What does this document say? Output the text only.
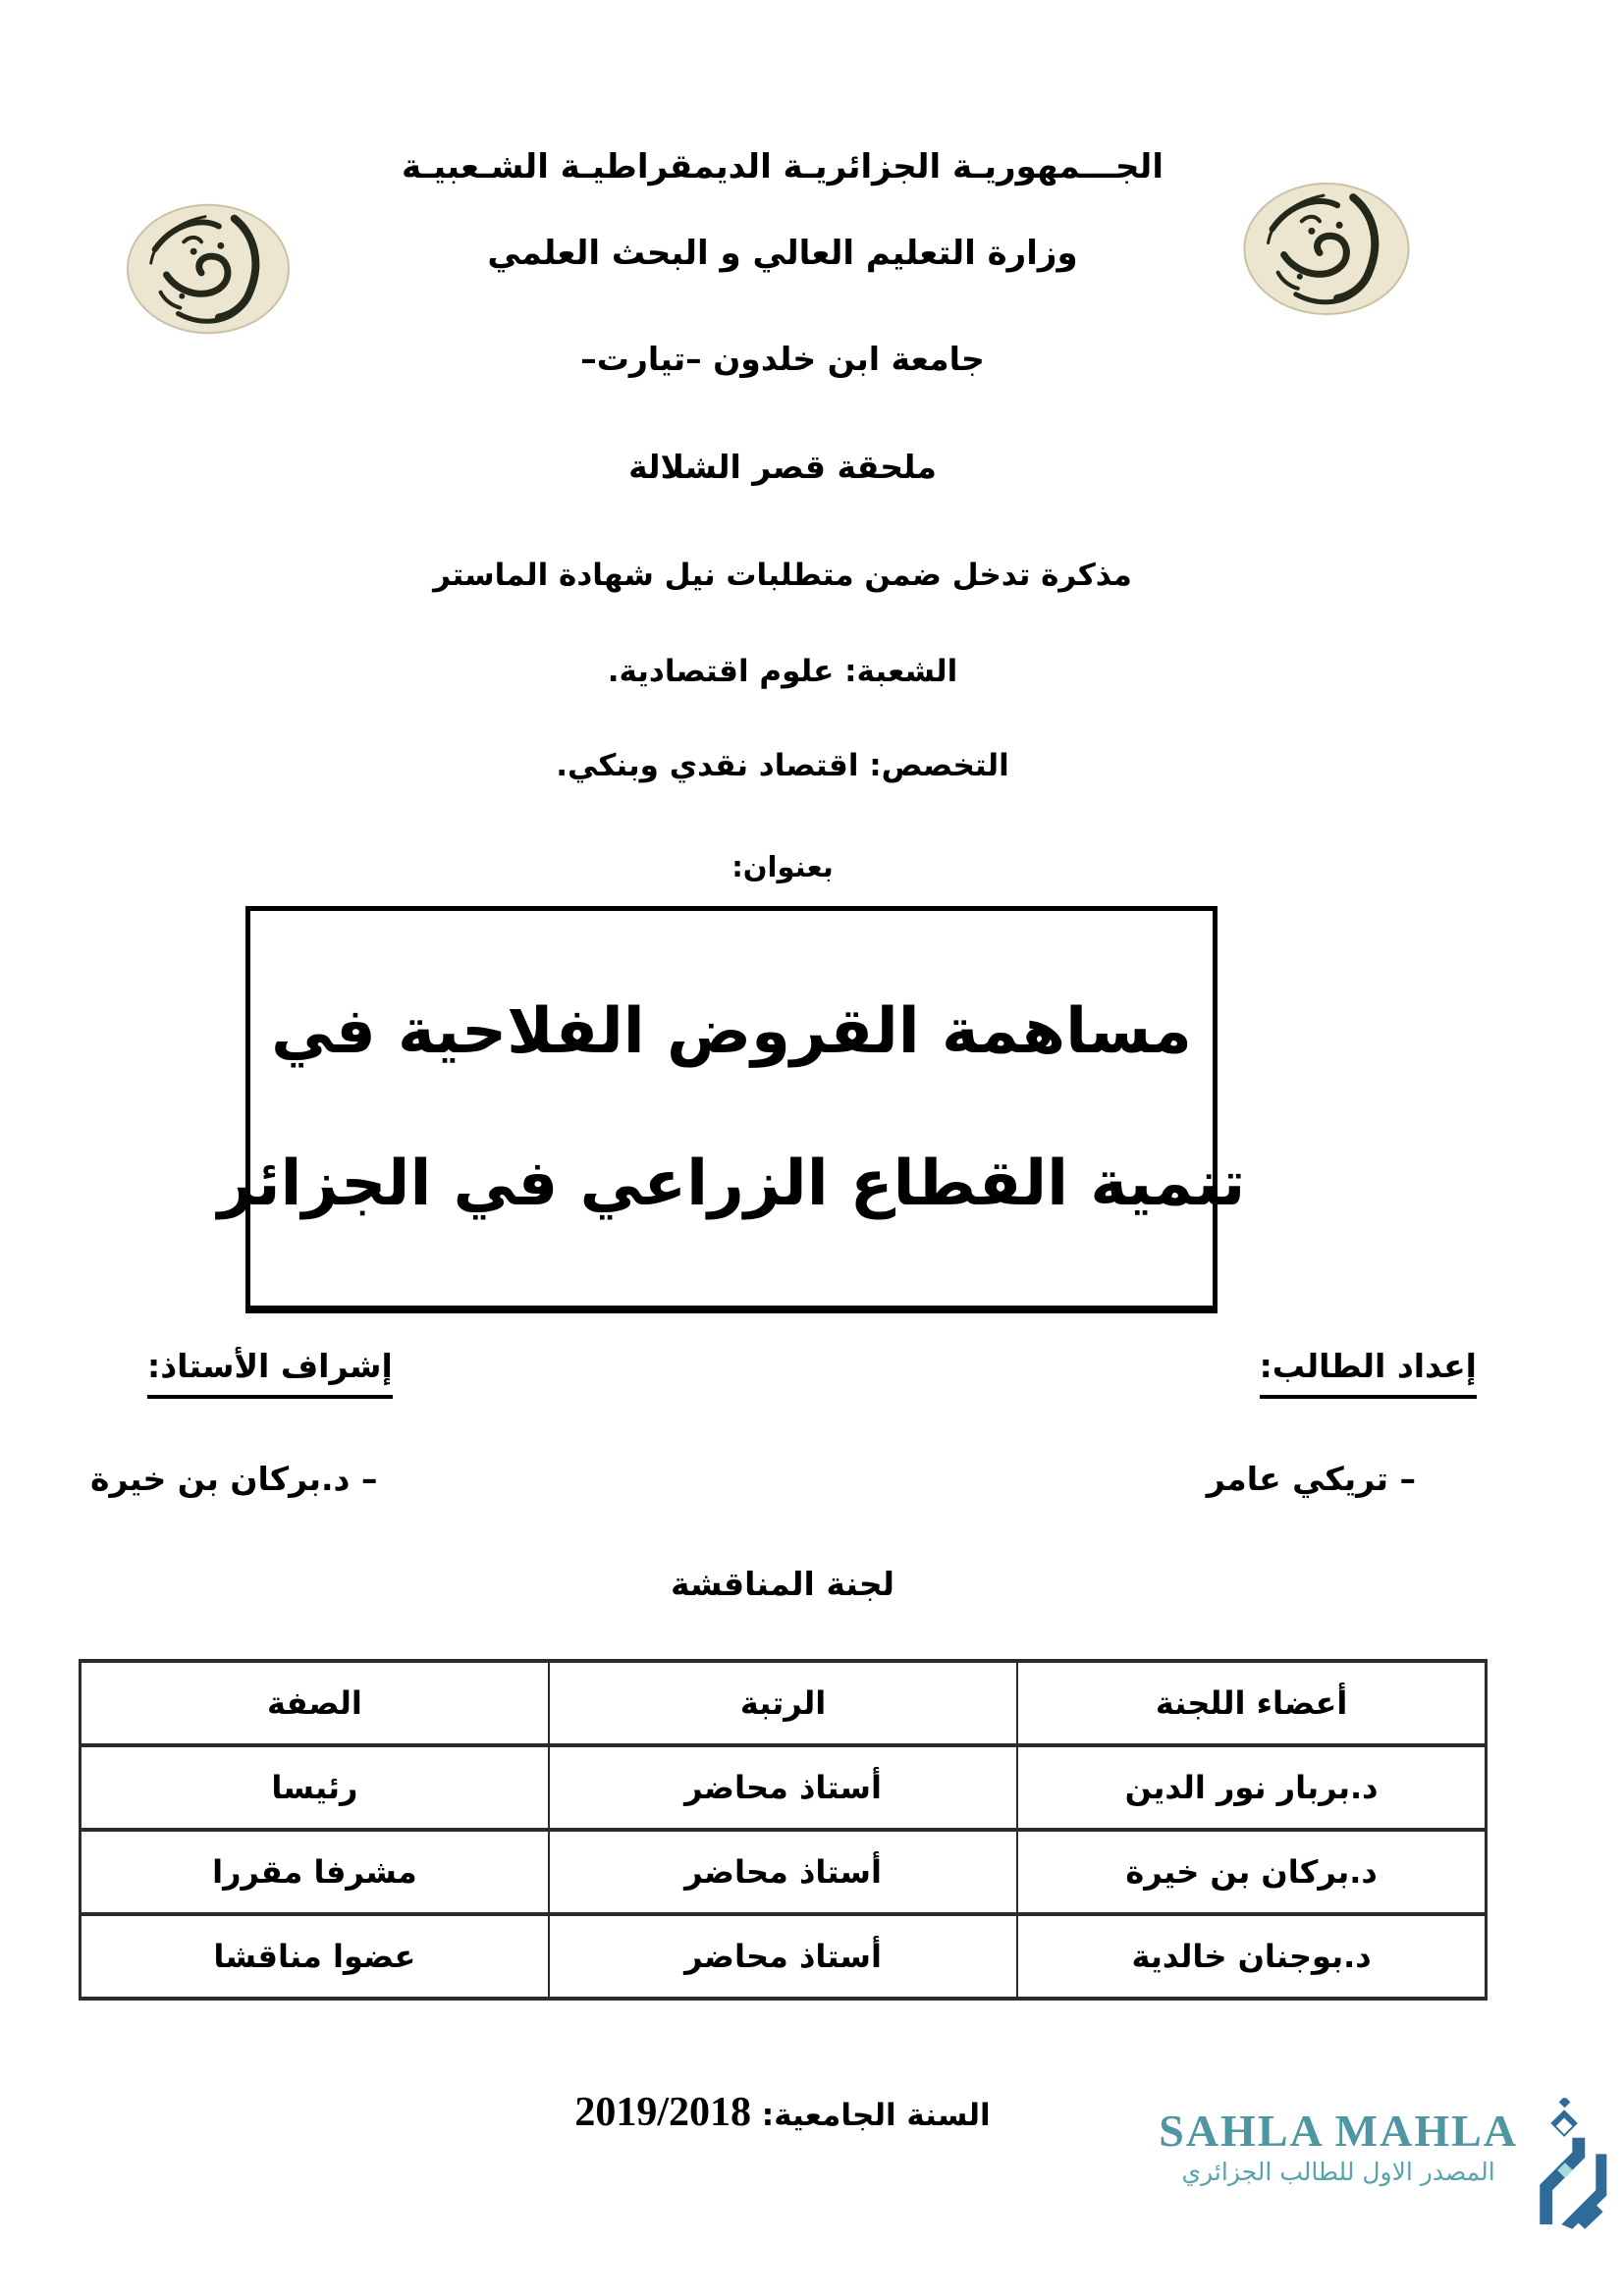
الجـــمهوريـة الجزائريـة الديمقراطيـة الشـعبيـة
وزارة التعليم العالي و البحث العلمي
جامعة ابن خلدون –تيارت–
ملحقة قصر الشلالة
مذكرة تدخل ضمن متطلبات نيل شهادة الماستر
الشعبة: علوم اقتصادية.
التخصص: اقتصاد نقدي وبنكي.
بعنوان:
مساهمة القروض الفلاحية في
تنمية القطاع الزراعي في الجزائر
إعداد الطالب:
إشراف الأستاذ:
– تريكي عامر
– د.بركان بن خيرة
لجنة المناقشة
أعضاء اللجنة	الرتبة	الصفة
د.بربار نور الدين	أستاذ محاضر	رئيسا
د.بركان بن خيرة	أستاذ محاضر	مشرفا مقررا
د.بوجنان خالدية	أستاذ محاضر	عضوا مناقشا
السنة الجامعية: 2019/2018	SAHLA MAHLA
المصدر الاول للطالب الجزائري
